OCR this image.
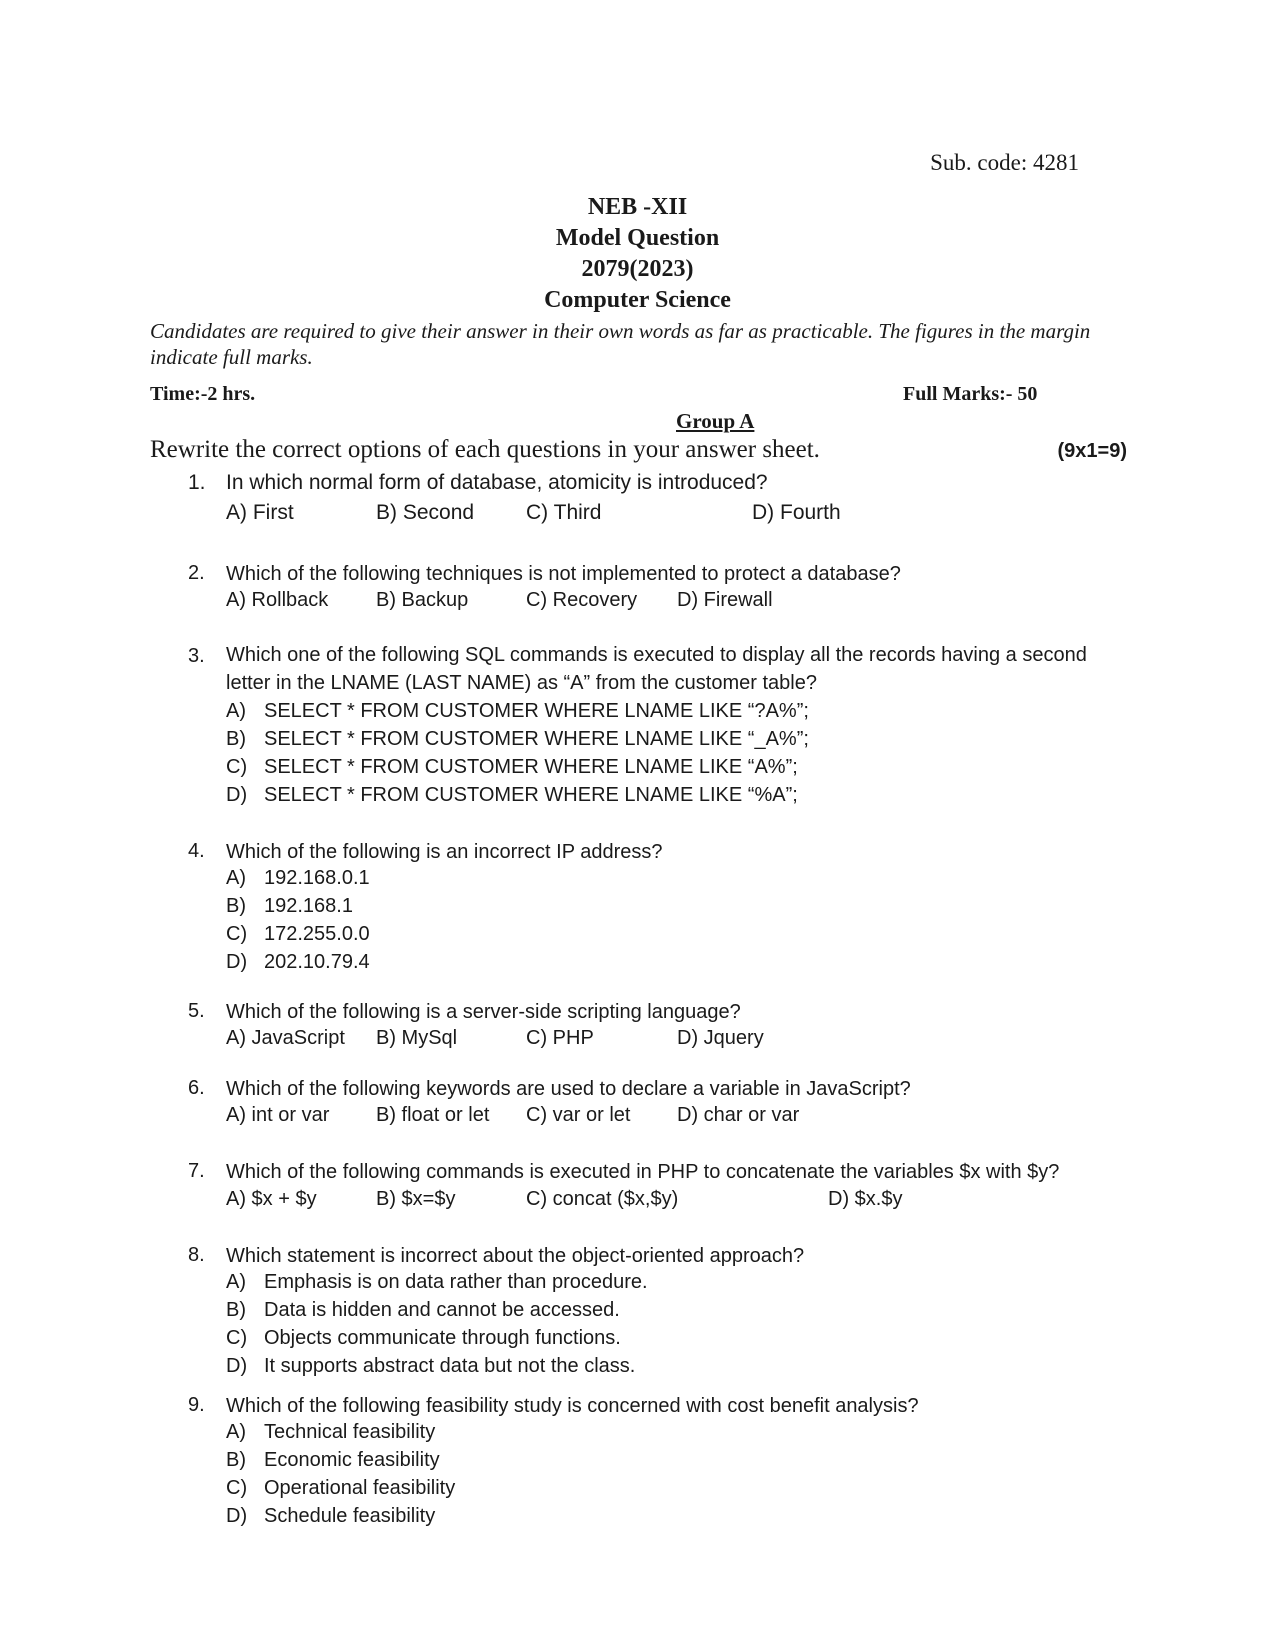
Sub. code: 4281
NEB -XII
Model Question
2079(2023)
Computer Science
Candidates are required to give their answer in their own words as far as practicable. The figures in the margin indicate full marks.
Time:-2 hrs.	Full Marks:- 50
Group A
Rewrite the correct options of each questions in your answer sheet.	(9x1=9)
1. In which normal form of database, atomicity is introduced?
A) First	B) Second C) Third	D) Fourth
2. Which of the following techniques is not implemented to protect a database?
A) Rollback B) Backup	C) Recovery D) Firewall
3. Which one of the following SQL commands is executed to display all the records having a second
letter in the LNAME (LAST NAME) as “A” from the customer table?
A) SELECT * FROM CUSTOMER WHERE LNAME LIKE “?A%”;
B) SELECT * FROM CUSTOMER WHERE LNAME LIKE “_A%”;
C) SELECT * FROM CUSTOMER WHERE LNAME LIKE “A%”;
D) SELECT * FROM CUSTOMER WHERE LNAME LIKE “%A”;
4. Which of the following is an incorrect IP address?
A) 192.168.0.1
B) 192.168.1
C) 172.255.0.0
D) 202.10.79.4
5. Which of the following is a server-side scripting language?
A) JavaScript B) MySql	C) PHP	D) Jquery
6. Which of the following keywords are used to declare a variable in JavaScript?
A) int or var B) float or let C) var or let D) char or var
7. Which of the following commands is executed in PHP to concatenate the variables $x with $y?
A) $x + $y	B) $x=$y	C) concat ($x,$y)	D) $x.$y
8. Which statement is incorrect about the object-oriented approach?
A) Emphasis is on data rather than procedure.
B) Data is hidden and cannot be accessed.
C) Objects communicate through functions.
D) It supports abstract data but not the class.
9. Which of the following feasibility study is concerned with cost benefit analysis?
A) Technical feasibility
B) Economic feasibility
C) Operational feasibility
D) Schedule feasibility
